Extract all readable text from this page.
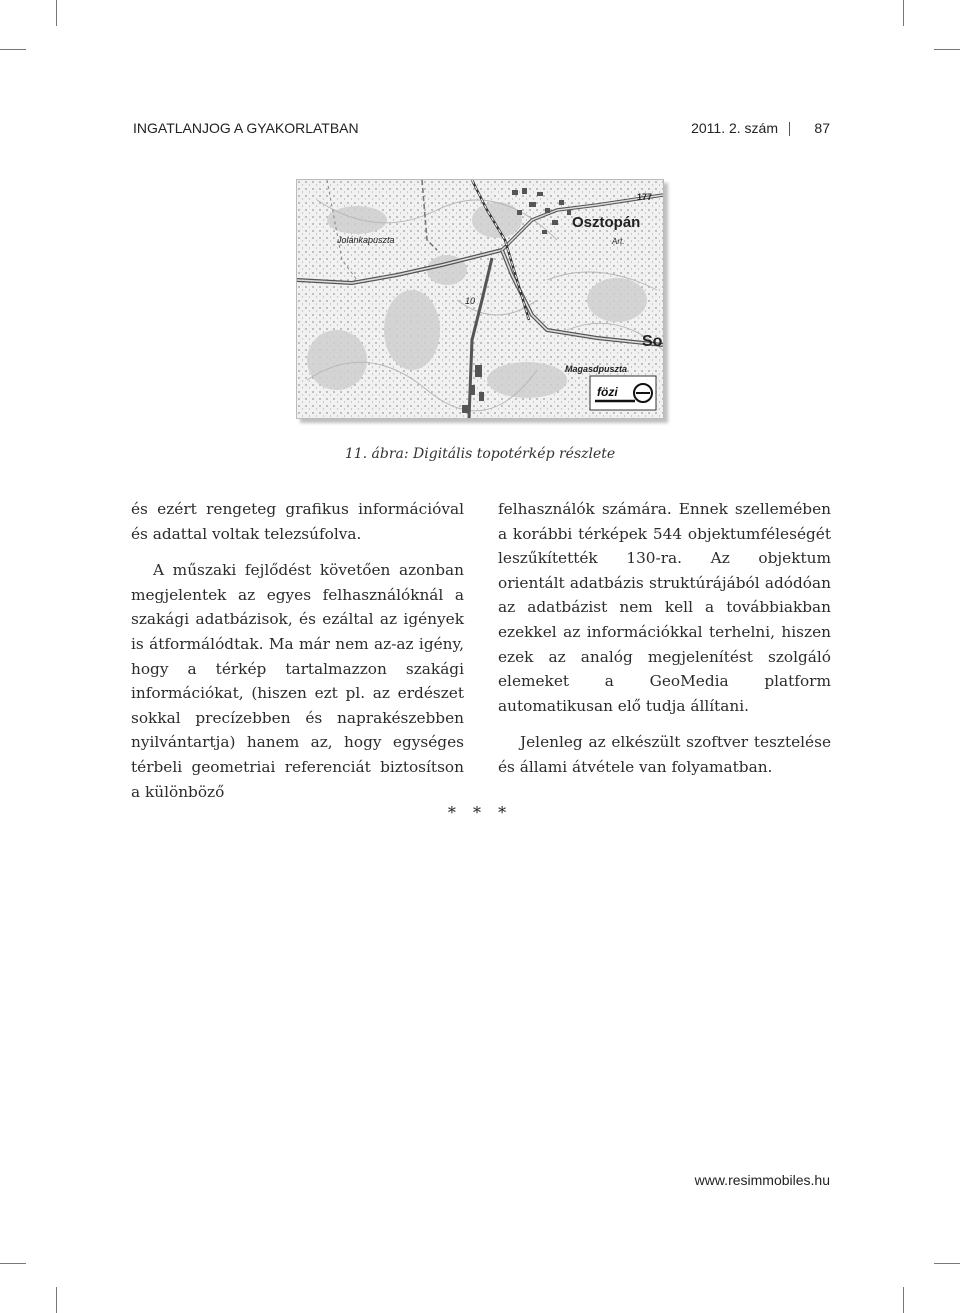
INGATLANJOG A GYAKORLATBAN	2011. 2. szám	87
Jolánkapuszta
Osztopán
Art.
177
10
So
Magasdpuszta
fözi
11. ábra: Digitális topotérkép részlete

és ezért rengeteg grafikus információval és adattal voltak telezsúfolva.

A műszaki fejlődést követően azonban megjelentek az egyes felhasználóknál a szakági adatbázisok, és ezáltal az igények is átformálódtak. Ma már nem az-az igény, hogy a térkép tartalmazzon szakági információkat, (hiszen ezt pl. az erdészet sokkal precízebben és naprakészebben nyilvántartja) hanem az, hogy egységes térbeli geometriai referenciát biztosítson a különböző

felhasználók számára. Ennek szellemében a korábbi térképek 544 objektumféleségét leszűkítették 130-ra. Az objektum orientált adatbázis struktúrájából adódóan az adatbázist nem kell a továbbiakban ezekkel az információkkal terhelni, hiszen ezek az analóg megjelenítést szolgáló elemeket a GeoMedia platform automatikusan elő tudja állítani.

Jelenleg az elkészült szoftver tesztelése és állami átvétele van folyamatban.

* * *
www.resimmobiles.hu
